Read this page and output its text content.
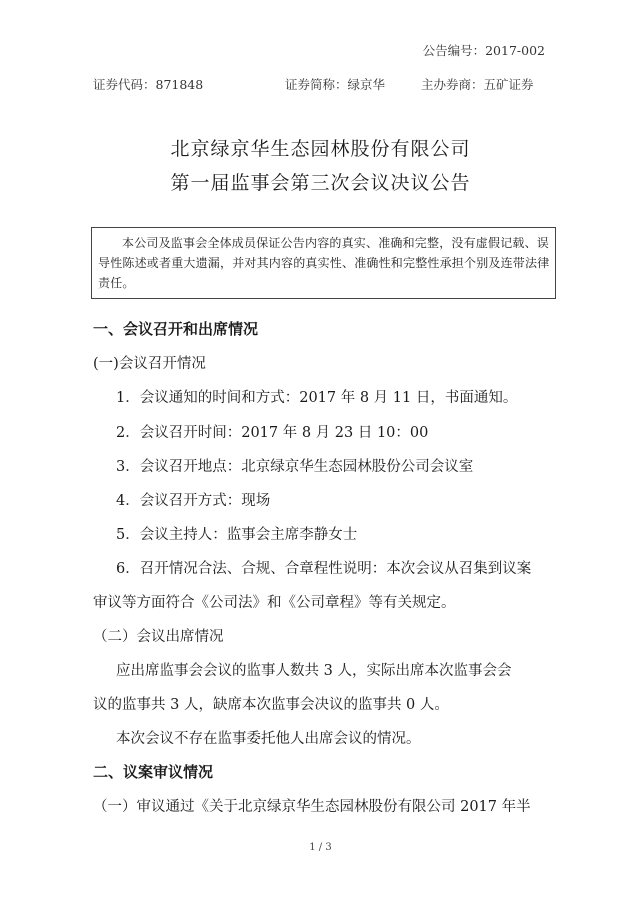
公告编号：2017-002
证券代码：871848	证券简称：绿京华	主办券商：五矿证券
北京绿京华生态园林股份有限公司
第一届监事会第三次会议决议公告
本公司及监事会全体成员保证公告内容的真实、准确和完整，没有虚假记载、误导性陈述或者重大遗漏，并对其内容的真实性、准确性和完整性承担个别及连带法律责任。
一、会议召开和出席情况
(一)会议召开情况
1．会议通知的时间和方式：2017 年 8 月 11 日，书面通知。
2．会议召开时间：2017 年 8 月 23 日 10：00
3．会议召开地点：北京绿京华生态园林股份公司会议室
4．会议召开方式：现场
5．会议主持人：监事会主席李静女士
6．召开情况合法、合规、合章程性说明：本次会议从召集到议案
审议等方面符合《公司法》和《公司章程》等有关规定。
（二）会议出席情况
应出席监事会会议的监事人数共 3 人，实际出席本次监事会会
议的监事共 3 人，缺席本次监事会决议的监事共 0 人。
本次会议不存在监事委托他人出席会议的情况。
二、议案审议情况
（一）审议通过《关于北京绿京华生态园林股份有限公司 2017 年半
1 / 3
